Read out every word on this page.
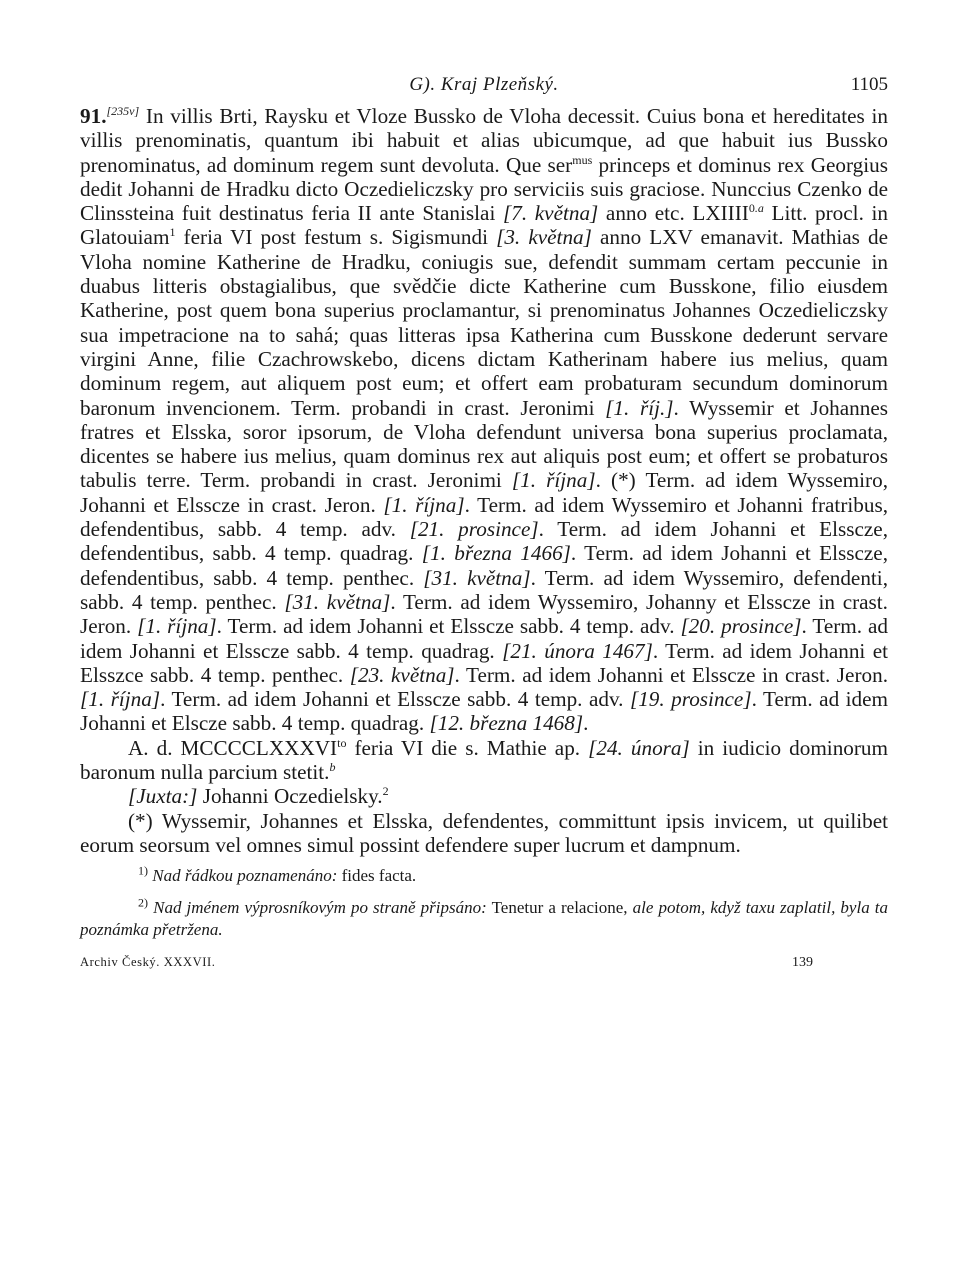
G). Kraj Plzeňský.	1105

91.[235v] In villis Brti, Raysku et Vloze Bussko de Vloha decessit. Cuius bona et hereditates in villis prenominatis, quantum ibi habuit et alias ubicumque, ad que habuit ius Bussko prenominatus, ad dominum regem sunt devoluta. Que ser$^{mus}$ princeps et dominus rex Georgius dedit Johanni de Hradku dicto Oczedieliczsky pro serviciis suis graciose. Nunccius Czenko de Clinssteina fuit destinatus feria II ante Stanislai [7. května] anno etc. $LXIIII^{0.a}$ Litt. procl. in Glatouiam$^1$ feria VI post festum s. Sigismundi [3. května] anno LXV emanavit. Mathias de Vloha nomine Katherine de Hradku, coniugis sue, defendit summam certam peccunie in duabus litteris obstagialibus, que svědčie dicte Katherine cum Busskone, filio eiusdem Katherine, post quem bona superius proclamantur, si prenominatus Johannes Oczedieliczsky sua impetracione na to sahá; quas litteras ipsa Katherina cum Busskone dederunt servare virgini Anne, filie Czachrowskebo, dicens dictam Katherinam habere ius melius, quam dominum regem, aut aliquem post eum; et offert eam probaturam secundum dominorum baronum invencionem. Term. probandi in crast. Jeronimi [1. říj.]. Wyssemir et Johannes fratres et Elsska, soror ipsorum, de Vloha defendunt universa bona superius proclamata, dicentes se habere ius melius, quam dominus rex aut aliquis post eum; et offert se probaturos tabulis terre. Term. probandi in crast. Jeronimi [1. října]. (*) Term. ad idem Wyssemiro, Johanni et Elsscze in crast. Jeron. [1. října]. Term. ad idem Wyssemiro et Johanni fratribus, defendentibus, sabb. 4 temp. adv. [21. prosince]. Term. ad idem Johanni et Elsscze, defendentibus, sabb. 4 temp. quadrag. [1. března 1466]. Term. ad idem Johanni et Elsscze, defendentibus, sabb. 4 temp. penthec. [31. května]. Term. ad idem Wyssemiro, defendenti, sabb. 4 temp. penthec. [31. května]. Term. ad idem Wyssemiro, Johanny et Elsscze in crast. Jeron. [1. října]. Term. ad idem Johanni et Elsscze sabb. 4 temp. adv. [20. prosince]. Term. ad idem Johanni et Elsscze sabb. 4 temp. quadrag. [21. února 1467]. Term. ad idem Johanni et Elsszce sabb. 4 temp. penthec. [23. května]. Term. ad idem Johanni et Elsscze in crast. Jeron. [1. října]. Term. ad idem Johanni et Elsscze sabb. 4 temp. adv. [19. prosince]. Term. ad idem Johanni et Elscze sabb. 4 temp. quadrag. [12. března 1468].

A. d. $MCCCCLXXXVI^{to}$ feria VI die s. Mathie ap. [24. února] in iudicio dominorum baronum nulla parcium stetit.$^b$

[Juxta:] Johanni Oczedielsky.$^2$

(*) Wyssemir, Johannes et Elsska, defendentes, committunt ipsis invicem, ut quilibet eorum seorsum vel omnes simul possint defendere super lucrum et dampnum.

$^{1)}$ Nad řádkou poznamenáno: fides facta.

$^{2)}$ Nad jménem výprosníkovým po straně připsáno: Tenetur a relacione, ale potom, když taxu zaplatil, byla ta poznámka přetržena.

Archiv Český. XXXVII.	139
